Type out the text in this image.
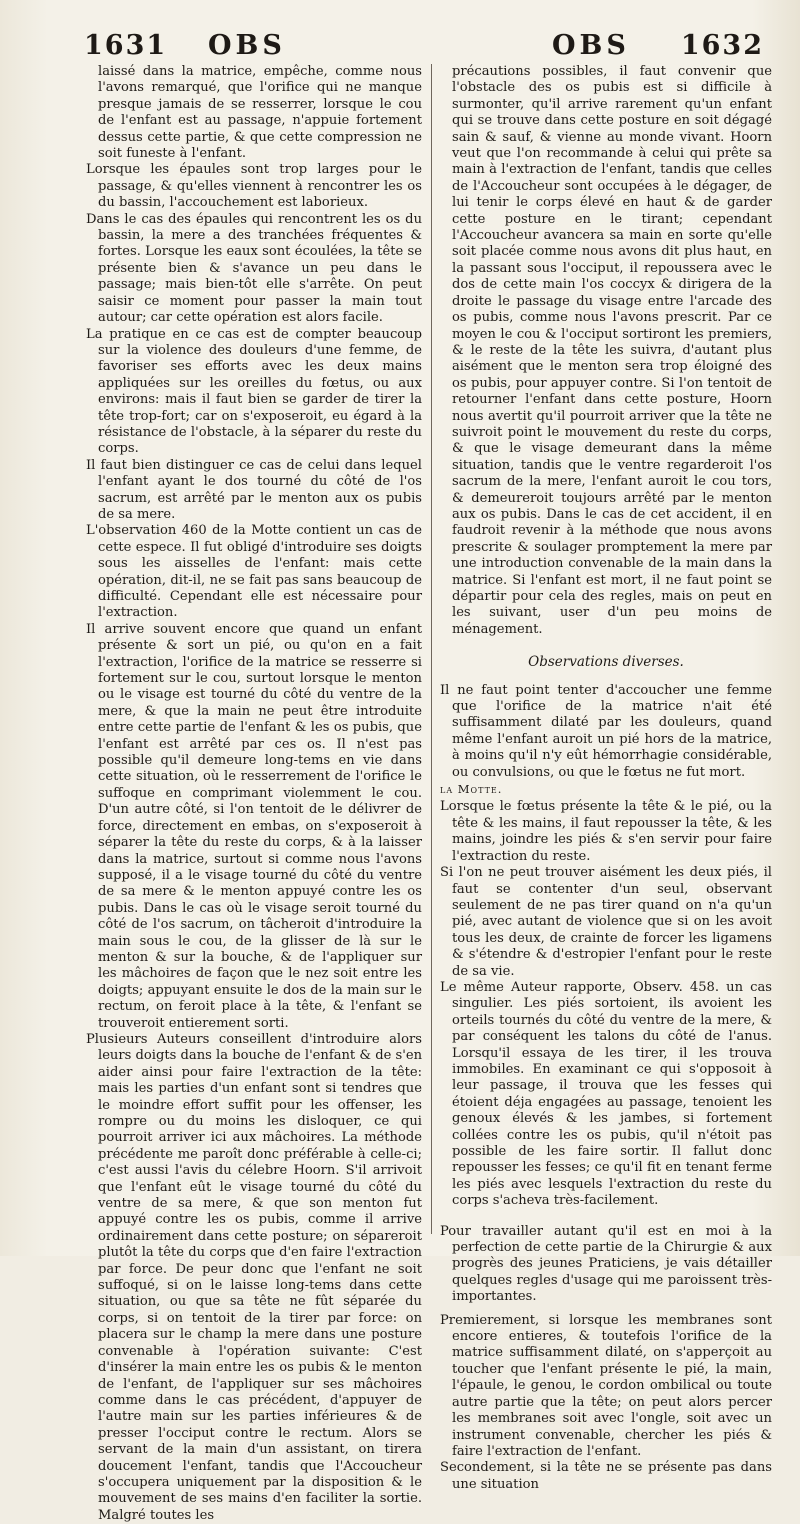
1631 OBS	OBS 1632

laissé dans la matrice, empêche, comme nous l'avons remarqué, que l'orifice qui ne manque presque jamais de se resserrer, lorsque le cou de l'enfant est au passage, n'appuie fortement dessus cette partie, & que cette compression ne soit funeste à l'enfant.

Lorsque les épaules sont trop larges pour le passage, & qu'elles viennent à rencontrer les os du bassin, l'accouchement est laborieux.

Dans le cas des épaules qui rencontrent les os du bassin, la mere a des tranchées fréquentes & fortes. Lorsque les eaux sont écoulées, la tête se présente bien & s'avance un peu dans le passage; mais bien-tôt elle s'arrête. On peut saisir ce moment pour passer la main tout autour; car cette opération est alors facile.

La pratique en ce cas est de compter beaucoup sur la violence des douleurs d'une femme, de favoriser ses efforts avec les deux mains appliquées sur les oreilles du fœtus, ou aux environs: mais il faut bien se garder de tirer la tête trop-fort; car on s'exposeroit, eu égard à la résistance de l'obstacle, à la séparer du reste du corps.

Il faut bien distinguer ce cas de celui dans lequel l'enfant ayant le dos tourné du côté de l'os sacrum, est arrêté par le menton aux os pubis de sa mere.

L'observation 460 de la Motte contient un cas de cette espece. Il fut obligé d'introduire ses doigts sous les aisselles de l'enfant: mais cette opération, dit-il, ne se fait pas sans beaucoup de difficulté. Cependant elle est nécessaire pour l'extraction.

Il arrive souvent encore que quand un enfant présente & sort un pié, ou qu'on en a fait l'extraction, l'orifice de la matrice se resserre si fortement sur le cou, surtout lorsque le menton ou le visage est tourné du côté du ventre de la mere, & que la main ne peut être introduite entre cette partie de l'enfant & les os pubis, que l'enfant est arrêté par ces os. Il n'est pas possible qu'il demeure long-tems en vie dans cette situation, où le resserrement de l'orifice le suffoque en comprimant violemment le cou. D'un autre côté, si l'on tentoit de le délivrer de force, directement en embas, on s'exposeroit à séparer la tête du reste du corps, & à la laisser dans la matrice, surtout si comme nous l'avons supposé, il a le visage tourné du côté du ventre de sa mere & le menton appuyé contre les os pubis. Dans le cas où le visage seroit tourné du côté de l'os sacrum, on tâcheroit d'introduire la main sous le cou, de la glisser de là sur le menton & sur la bouche, & de l'appliquer sur les mâchoires de façon que le nez soit entre les doigts; appuyant ensuite le dos de la main sur le rectum, on feroit place à la tête, & l'enfant se trouveroit entierement sorti.

Plusieurs Auteurs conseillent d'introduire alors leurs doigts dans la bouche de l'enfant & de s'en aider ainsi pour faire l'extraction de la tête: mais les parties d'un enfant sont si tendres que le moindre effort suffit pour les offenser, les rompre ou du moins les disloquer, ce qui pourroit arriver ici aux mâchoires. La méthode précédente me paroît donc préférable à celle-ci; c'est aussi l'avis du célebre Hoorn. S'il arrivoit que l'enfant eût le visage tourné du côté du ventre de sa mere, & que son menton fut appuyé contre les os pubis, comme il arrive ordinairement dans cette posture; on sépareroit plutôt la tête du corps que d'en faire l'extraction par force. De peur donc que l'enfant ne soit suffoqué, si on le laisse long-tems dans cette situation, ou que sa tête ne fût séparée du corps, si on tentoit de la tirer par force: on placera sur le champ la mere dans une posture convenable à l'opération suivante: C'est d'insérer la main entre les os pubis & le menton de l'enfant, de l'appliquer sur ses mâchoires comme dans le cas précédent, d'appuyer de l'autre main sur les parties inférieures & de presser l'occiput contre le rectum. Alors se servant de la main d'un assistant, on tirera doucement l'enfant, tandis que l'Accoucheur s'occupera uniquement par la disposition & le mouvement de ses mains d'en faciliter la sortie. Malgré toutes les

précautions possibles, il faut convenir que l'obstacle des os pubis est si difficile à surmonter, qu'il arrive rarement qu'un enfant qui se trouve dans cette posture en soit dégagé sain & sauf, & vienne au monde vivant. Hoorn veut que l'on recommande à celui qui prête sa main à l'extraction de l'enfant, tandis que celles de l'Accoucheur sont occupées à le dégager, de lui tenir le corps élevé en haut & de garder cette posture en le tirant; cependant l'Accoucheur avancera sa main en sorte qu'elle soit placée comme nous avons dit plus haut, en la passant sous l'occiput, il repoussera avec le dos de cette main l'os coccyx & dirigera de la droite le passage du visage entre l'arcade des os pubis, comme nous l'avons prescrit. Par ce moyen le cou & l'occiput sortiront les premiers, & le reste de la tête les suivra, d'autant plus aisément que le menton sera trop éloigné des os pubis, pour appuyer contre. Si l'on tentoit de retourner l'enfant dans cette posture, Hoorn nous avertit qu'il pourroit arriver que la tête ne suivroit point le mouvement du reste du corps, & que le visage demeurant dans la même situation, tandis que le ventre regarderoit l'os sacrum de la mere, l'enfant auroit le cou tors, & demeureroit toujours arrêté par le menton aux os pubis. Dans le cas de cet accident, il en faudroit revenir à la méthode que nous avons prescrite & soulager promptement la mere par une introduction convenable de la main dans la matrice. Si l'enfant est mort, il ne faut point se départir pour cela des regles, mais on peut en les suivant, user d'un peu moins de ménagement.

Observations diverses.

Il ne faut point tenter d'accoucher une femme que l'orifice de la matrice n'ait été suffisamment dilaté par les douleurs, quand même l'enfant auroit un pié hors de la matrice, à moins qu'il n'y eût hémorrhagie considérable, ou convulsions, ou que le fœtus ne fut mort.

la Motte.

Lorsque le fœtus présente la tête & le pié, ou la tête & les mains, il faut repousser la tête, & les mains, joindre les piés & s'en servir pour faire l'extraction du reste.

Si l'on ne peut trouver aisément les deux piés, il faut se contenter d'un seul, observant seulement de ne pas tirer quand on n'a qu'un pié, avec autant de violence que si on les avoit tous les deux, de crainte de forcer les ligamens & s'étendre & d'estropier l'enfant pour le reste de sa vie.

Le même Auteur rapporte, Observ. 458. un cas singulier. Les piés sortoient, ils avoient les orteils tournés du côté du ventre de la mere, & par conséquent les talons du côté de l'anus. Lorsqu'il essaya de les tirer, il les trouva immobiles. En examinant ce qui s'opposoit à leur passage, il trouva que les fesses qui étoient déja engagées au passage, tenoient les genoux élevés & les jambes, si fortement collées contre les os pubis, qu'il n'étoit pas possible de les faire sortir. Il fallut donc repousser les fesses; ce qu'il fit en tenant ferme les piés avec lesquels l'extraction du reste du corps s'acheva très-facilement.

Pour travailler autant qu'il est en moi à la perfection de cette partie de la Chirurgie & aux progrès des jeunes Praticiens, je vais détailler quelques regles d'usage qui me paroissent très-importantes.

Premierement, si lorsque les membranes sont encore entieres, & toutefois l'orifice de la matrice suffisamment dilaté, on s'apperçoit au toucher que l'enfant présente le pié, la main, l'épaule, le genou, le cordon ombilical ou toute autre partie que la tête; on peut alors percer les membranes soit avec l'ongle, soit avec un instrument convenable, chercher les piés & faire l'extraction de l'enfant.

Secondement, si la tête ne se présente pas dans une situation
